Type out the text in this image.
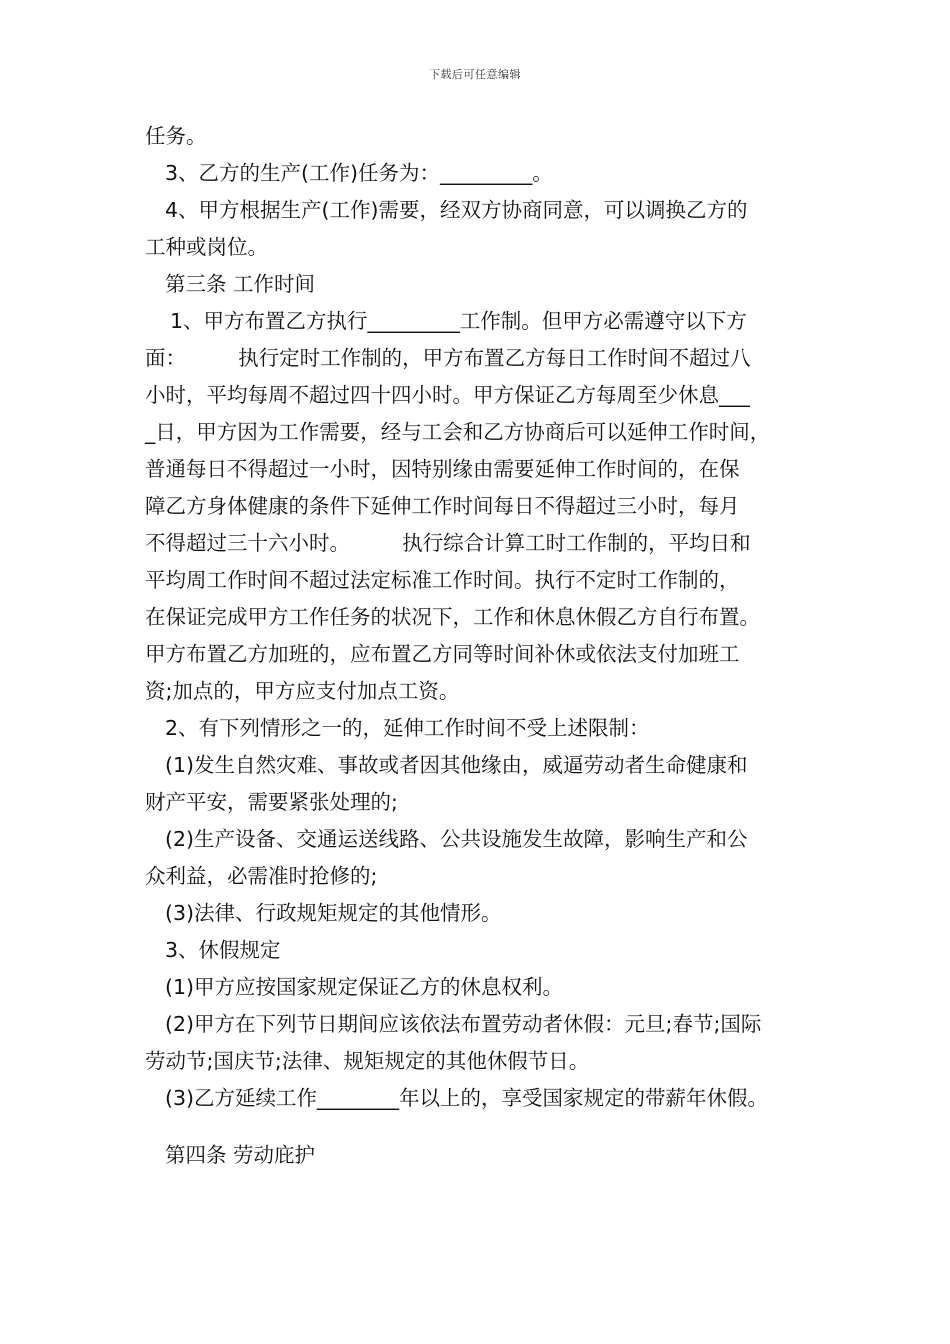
下载后可任意编辑
任务。
3、乙方的生产(工作)任务为：_________。
4、甲方根据生产(工作)需要，经双方协商同意，可以调换乙方的
工种或岗位。
第三条 工作时间
1、甲方布置乙方执行_________工作制。但甲方必需遵守以下方
面：        执行定时工作制的，甲方布置乙方每日工作时间不超过八
小时，平均每周不超过四十四小时。甲方保证乙方每周至少休息___
_日，甲方因为工作需要，经与工会和乙方协商后可以延伸工作时间，
普通每日不得超过一小时，因特别缘由需要延伸工作时间的，在保
障乙方身体健康的条件下延伸工作时间每日不得超过三小时，每月
不得超过三十六小时。        执行综合计算工时工作制的，平均日和
平均周工作时间不超过法定标准工作时间。执行不定时工作制的，
在保证完成甲方工作任务的状况下，工作和休息休假乙方自行布置。
甲方布置乙方加班的，应布置乙方同等时间补休或依法支付加班工
资;加点的，甲方应支付加点工资。
2、有下列情形之一的，延伸工作时间不受上述限制：
(1)发生自然灾难、事故或者因其他缘由，威逼劳动者生命健康和
财产平安，需要紧张处理的;
(2)生产设备、交通运送线路、公共设施发生故障，影响生产和公
众利益，必需准时抢修的;
(3)法律、行政规矩规定的其他情形。
3、休假规定
(1)甲方应按国家规定保证乙方的休息权利。
(2)甲方在下列节日期间应该依法布置劳动者休假：元旦;春节;国际
劳动节;国庆节;法律、规矩规定的其他休假节日。
(3)乙方延续工作________年以上的，享受国家规定的带薪年休假。
第四条 劳动庇护
